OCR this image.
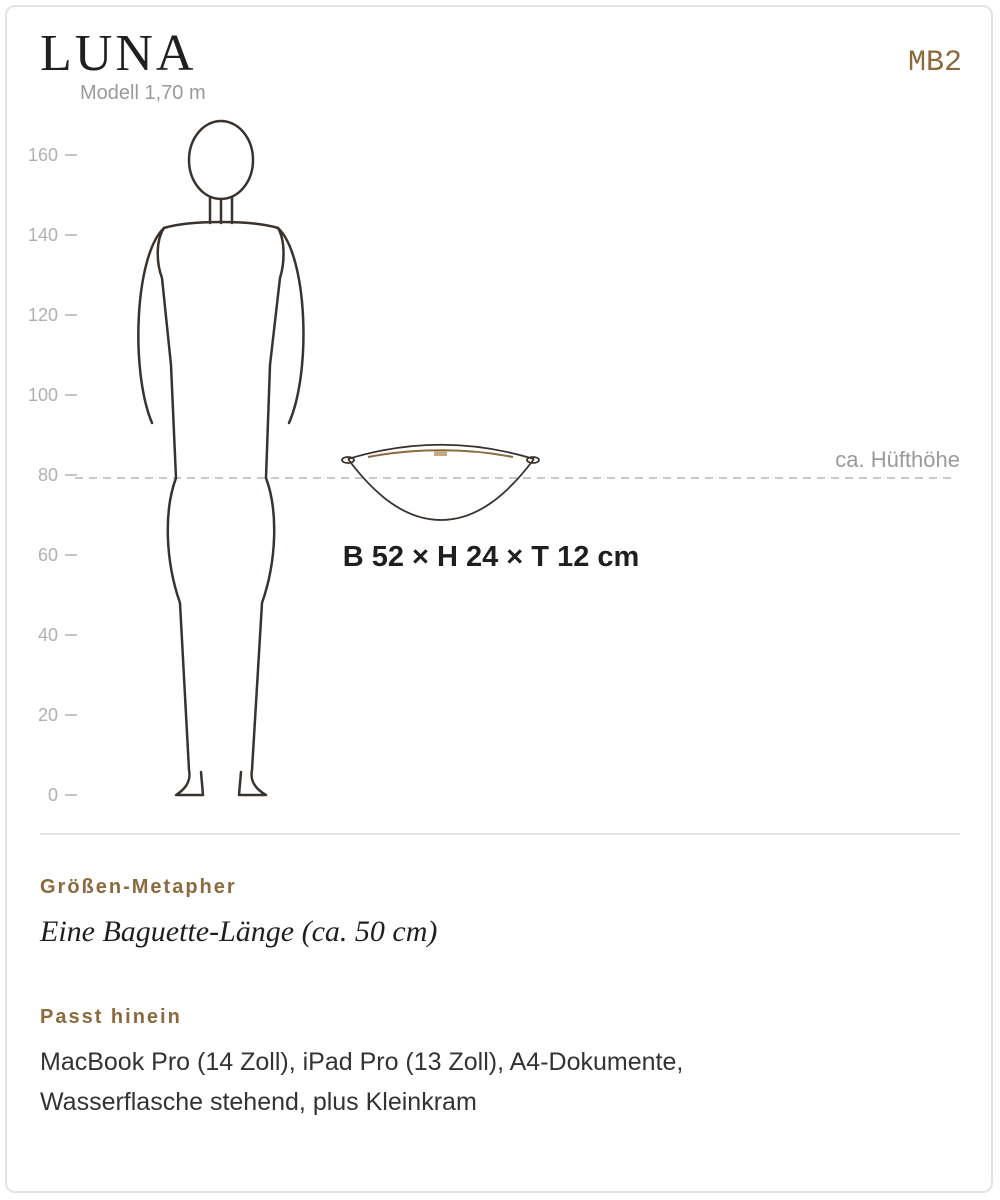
LUNA	MB2
Modell 1,70 m
160
140
120
100
80
60
40
20
0
ca. Hüfthöhe
B 52 × H 24 × T 12 cm
Größen-Metapher
Eine Baguette-Länge (ca. 50 cm)
Passt hinein
MacBook Pro (14 Zoll), iPad Pro (13 Zoll), A4-Dokumente,
Wasserflasche stehend, plus Kleinkram
